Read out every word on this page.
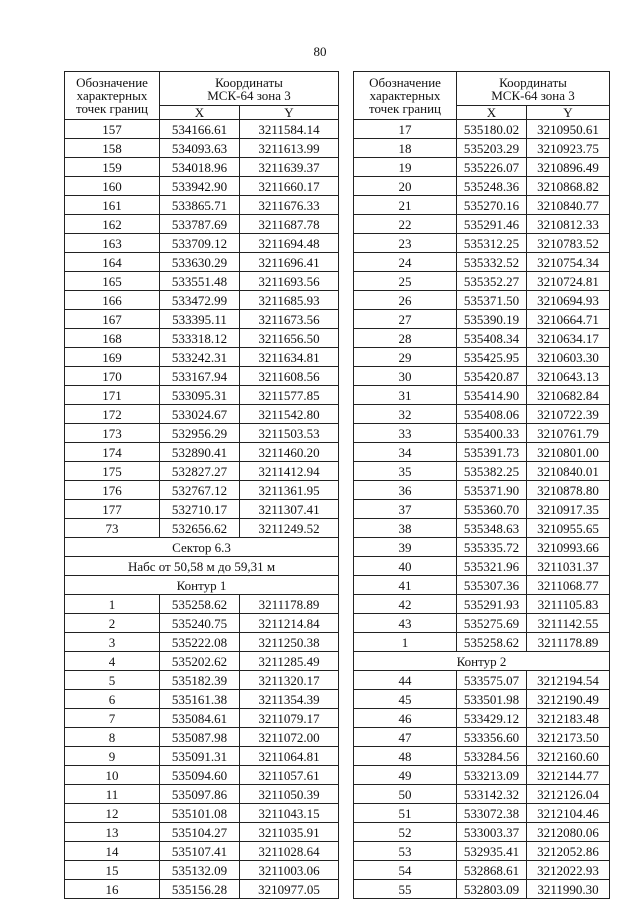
80
Обозначение
характерных
точек границ	Координаты
МСК-64 зона 3	
	X	Y
157	534166.61	3211584.14
158	534093.63	3211613.99
159	534018.96	3211639.37
160	533942.90	3211660.17
161	533865.71	3211676.33
162	533787.69	3211687.78
163	533709.12	3211694.48
164	533630.29	3211696.41
165	533551.48	3211693.56
166	533472.99	3211685.93
167	533395.11	3211673.56
168	533318.12	3211656.50
169	533242.31	3211634.81
170	533167.94	3211608.56
171	533095.31	3211577.85
172	533024.67	3211542.80
173	532956.29	3211503.53
174	532890.41	3211460.20
175	532827.27	3211412.94
176	532767.12	3211361.95
177	532710.17	3211307.41
73	532656.62	3211249.52
Сектор 6.3		
Набс от 50,58 м до 59,31 м		
Контур 1		
1	535258.62	3211178.89
2	535240.75	3211214.84
3	535222.08	3211250.38
4	535202.62	3211285.49
5	535182.39	3211320.17
6	535161.38	3211354.39
7	535084.61	3211079.17
8	535087.98	3211072.00
9	535091.31	3211064.81
10	535094.60	3211057.61
11	535097.86	3211050.39
12	535101.08	3211043.15
13	535104.27	3211035.91
14	535107.41	3211028.64
15	535132.09	3211003.06
16	535156.28	3210977.05
Обозначение
характерных
точек границ	Координаты
МСК-64 зона 3	
	X	Y
17	535180.02	3210950.61
18	535203.29	3210923.75
19	535226.07	3210896.49
20	535248.36	3210868.82
21	535270.16	3210840.77
22	535291.46	3210812.33
23	535312.25	3210783.52
24	535332.52	3210754.34
25	535352.27	3210724.81
26	535371.50	3210694.93
27	535390.19	3210664.71
28	535408.34	3210634.17
29	535425.95	3210603.30
30	535420.87	3210643.13
31	535414.90	3210682.84
32	535408.06	3210722.39
33	535400.33	3210761.79
34	535391.73	3210801.00
35	535382.25	3210840.01
36	535371.90	3210878.80
37	535360.70	3210917.35
38	535348.63	3210955.65
39	535335.72	3210993.66
40	535321.96	3211031.37
41	535307.36	3211068.77
42	535291.93	3211105.83
43	535275.69	3211142.55
1	535258.62	3211178.89
Контур 2		
44	533575.07	3212194.54
45	533501.98	3212190.49
46	533429.12	3212183.48
47	533356.60	3212173.50
48	533284.56	3212160.60
49	533213.09	3212144.77
50	533142.32	3212126.04
51	533072.38	3212104.46
52	533003.37	3212080.06
53	532935.41	3212052.86
54	532868.61	3212022.93
55	532803.09	3211990.30
